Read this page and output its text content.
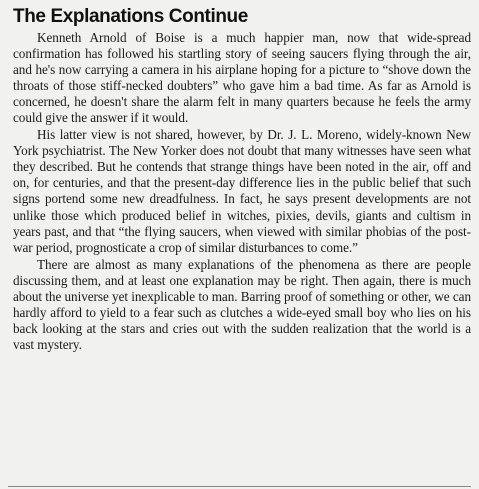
The Explanations Continue

Kenneth Arnold of Boise is a much happier man, now that wide-spread confirmation has followed his startling story of seeing saucers flying through the air, and he's now carrying a camera in his airplane hoping for a picture to “shove down the throats of those stiff-necked doubters” who gave him a bad time. As far as Arnold is concerned, he doesn't share the alarm felt in many quarters because he feels the army could give the answer if it would.

His latter view is not shared, however, by Dr. J. L. Moreno, widely-known New York psychiatrist. The New Yorker does not doubt that many witnesses have seen what they described. But he contends that strange things have been noted in the air, off and on, for centuries, and that the present-day difference lies in the public belief that such signs portend some new dreadfulness. In fact, he says present developments are not unlike those which produced belief in witches, pixies, devils, giants and cultism in years past, and that “the flying saucers, when viewed with similar phobias of the post-war period, prognosticate a crop of similar disturbances to come.”

There are almost as many explanations of the phenomena as there are people discussing them, and at least one explanation may be right. Then again, there is much about the universe yet inexplicable to man. Barring proof of something or other, we can hardly afford to yield to a fear such as clutches a wide-eyed small boy who lies on his back looking at the stars and cries out with the sudden realization that the world is a vast mystery.
